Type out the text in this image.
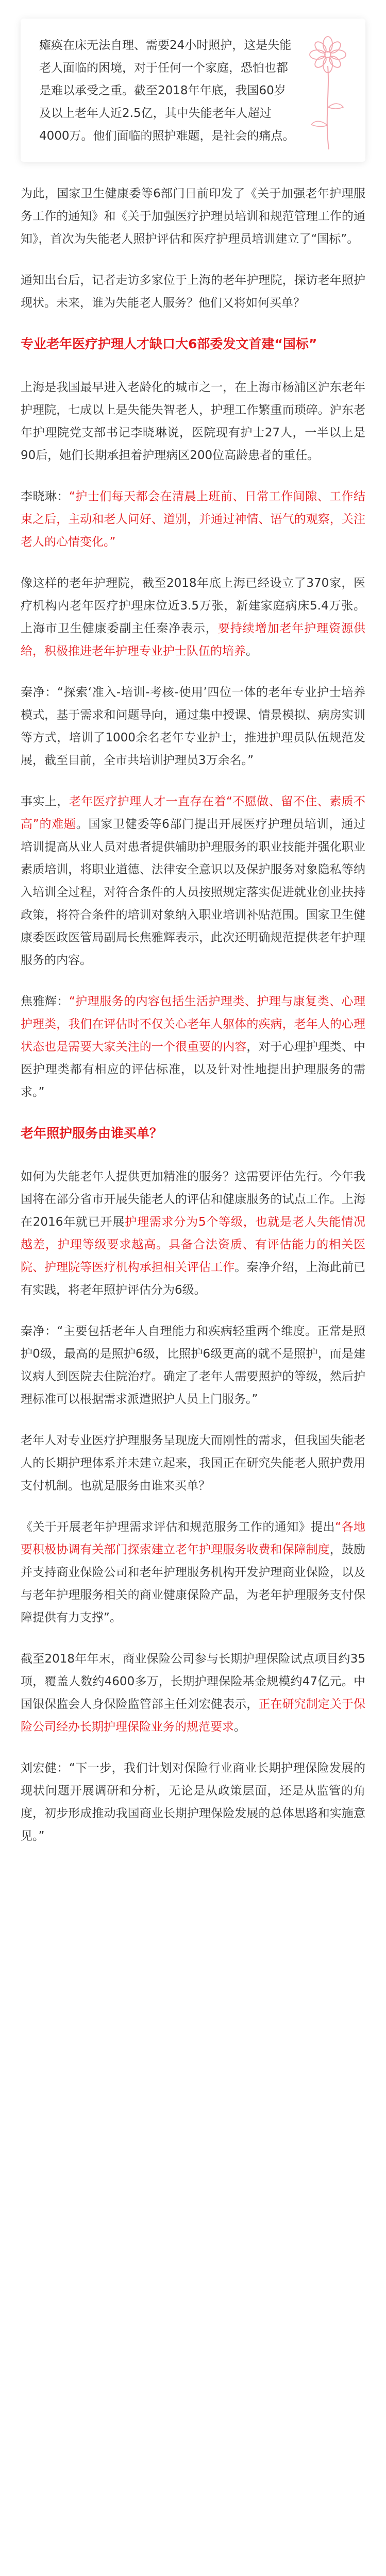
瘫痪在床无法自理、需要24小时照护，这是失能老人面临的困境，对于任何一个家庭，恐怕也都是难以承受之重。截至2018年年底，我国60岁及以上老年人近2.5亿，其中失能老年人超过4000万。他们面临的照护难题，是社会的痛点。

为此，国家卫生健康委等6部门日前印发了《关于加强老年护理服务工作的通知》和《关于加强医疗护理员培训和规范管理工作的通知》，首次为失能老人照护评估和医疗护理员培训建立了“国标”。

通知出台后，记者走访多家位于上海的老年护理院，探访老年照护现状。未来，谁为失能老人服务？他们又将如何买单？

专业老年医疗护理人才缺口大6部委发文首建“国标”

上海是我国最早进入老龄化的城市之一，在上海市杨浦区沪东老年护理院，七成以上是失能失智老人，护理工作繁重而琐碎。沪东老年护理院党支部书记李晓琳说，医院现有护士27人，一半以上是90后，她们长期承担着护理病区200位高龄患者的重任。

李晓琳：“护士们每天都会在清晨上班前、日常工作间隙、工作结束之后，主动和老人问好、道别，并通过神情、语气的观察，关注老人的心情变化。”

像这样的老年护理院，截至2018年底上海已经设立了370家，医疗机构内老年医疗护理床位近3.5万张，新建家庭病床5.4万张。上海市卫生健康委副主任秦净表示，要持续增加老年护理资源供给，积极推进老年护理专业护士队伍的培养。

秦净：“探索‘准入-培训-考核-使用’四位一体的老年专业护士培养模式，基于需求和问题导向，通过集中授课、情景模拟、病房实训等方式，培训了1000余名老年专业护士，推进护理员队伍规范发展，截至目前，全市共培训护理员3万余名。”

事实上，老年医疗护理人才一直存在着“不愿做、留不住、素质不高”的难题。国家卫健委等6部门提出开展医疗护理员培训，通过培训提高从业人员对患者提供辅助护理服务的职业技能并强化职业素质培训，将职业道德、法律安全意识以及保护服务对象隐私等纳入培训全过程，对符合条件的人员按照规定落实促进就业创业扶持政策，将符合条件的培训对象纳入职业培训补贴范围。国家卫生健康委医政医管局副局长焦雅辉表示，此次还明确规范提供老年护理服务的内容。

焦雅辉：“护理服务的内容包括生活护理类、护理与康复类、心理护理类，我们在评估时不仅关心老年人躯体的疾病，老年人的心理状态也是需要大家关注的一个很重要的内容，对于心理护理类、中医护理类都有相应的评估标准，以及针对性地提出护理服务的需求。”

老年照护服务由谁买单？

如何为失能老年人提供更加精准的服务？这需要评估先行。今年我国将在部分省市开展失能老人的评估和健康服务的试点工作。上海在2016年就已开展护理需求分为5个等级，也就是老人失能情况越差，护理等级要求越高。具备合法资质、有评估能力的相关医院、护理院等医疗机构承担相关评估工作。秦净介绍，上海此前已有实践，将老年照护评估分为6级。

秦净：“主要包括老年人自理能力和疾病轻重两个维度。正常是照护0级，最高的是照护6级，比照护6级更高的就不是照护，而是建议病人到医院去住院治疗。确定了老年人需要照护的等级，然后护理标准可以根据需求派遣照护人员上门服务。”

老年人对专业医疗护理服务呈现庞大而刚性的需求，但我国失能老人的长期护理体系并未建立起来，我国正在研究失能老人照护费用支付机制。也就是服务由谁来买单？

《关于开展老年护理需求评估和规范服务工作的通知》提出“各地要积极协调有关部门探索建立老年护理服务收费和保障制度，鼓励并支持商业保险公司和老年护理服务机构开发护理商业保险，以及与老年护理服务相关的商业健康保险产品，为老年护理服务支付保障提供有力支撑”。

截至2018年年末，商业保险公司参与长期护理保险试点项目约35项，覆盖人数约4600多万，长期护理保险基金规模约47亿元。中国银保监会人身保险监管部主任刘宏健表示，正在研究制定关于保险公司经办长期护理保险业务的规范要求。

刘宏健：“下一步，我们计划对保险行业商业长期护理保险发展的现状问题开展调研和分析，无论是从政策层面，还是从监管的角度，初步形成推动我国商业长期护理保险发展的总体思路和实施意见。”
